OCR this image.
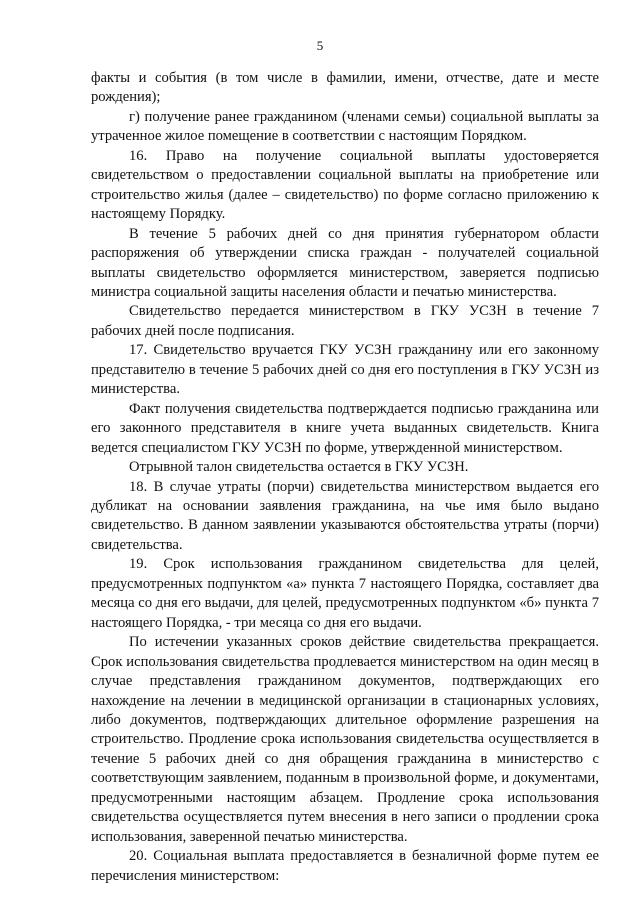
5

факты и события (в том числе в фамилии, имени, отчестве, дате и месте рождения);

г) получение ранее гражданином (членами семьи) социальной выплаты за утраченное жилое помещение в соответствии с настоящим Порядком.

16. Право на получение социальной выплаты удостоверяется свидетельством о предоставлении социальной выплаты на приобретение или строительство жилья (далее – свидетельство) по форме согласно приложению к настоящему Порядку.

В течение 5 рабочих дней со дня принятия губернатором области распоряжения об утверждении списка граждан - получателей социальной выплаты свидетельство оформляется министерством, заверяется подписью министра социальной защиты населения области и печатью министерства.

Свидетельство передается министерством в ГКУ УСЗН в течение 7 рабочих дней после подписания.

17. Свидетельство вручается ГКУ УСЗН гражданину или его законному представителю в течение 5 рабочих дней со дня его поступления в ГКУ УСЗН из министерства.

Факт получения свидетельства подтверждается подписью гражданина или его законного представителя в книге учета выданных свидетельств. Книга ведется специалистом ГКУ УСЗН по форме, утвержденной министерством.

Отрывной талон свидетельства остается в ГКУ УСЗН.

18. В случае утраты (порчи) свидетельства министерством выдается его дубликат на основании заявления гражданина, на чье имя было выдано свидетельство. В данном заявлении указываются обстоятельства утраты (порчи) свидетельства.

19. Срок использования гражданином свидетельства для целей, предусмотренных подпунктом «а» пункта 7 настоящего Порядка, составляет два месяца со дня его выдачи, для целей, предусмотренных подпунктом «б» пункта 7 настоящего Порядка, - три месяца со дня его выдачи.

По истечении указанных сроков действие свидетельства прекращается. Срок использования свидетельства продлевается министерством на один месяц в случае представления гражданином документов, подтверждающих его нахождение на лечении в медицинской организации в стационарных условиях, либо документов, подтверждающих длительное оформление разрешения на строительство. Продление срока использования свидетельства осуществляется в течение 5 рабочих дней со дня обращения гражданина в министерство с соответствующим заявлением, поданным в произвольной форме, и документами, предусмотренными настоящим абзацем. Продление срока использования свидетельства осуществляется путем внесения в него записи о продлении срока использования, заверенной печатью министерства.

20. Социальная выплата предоставляется в безналичной форме путем ее перечисления министерством:
